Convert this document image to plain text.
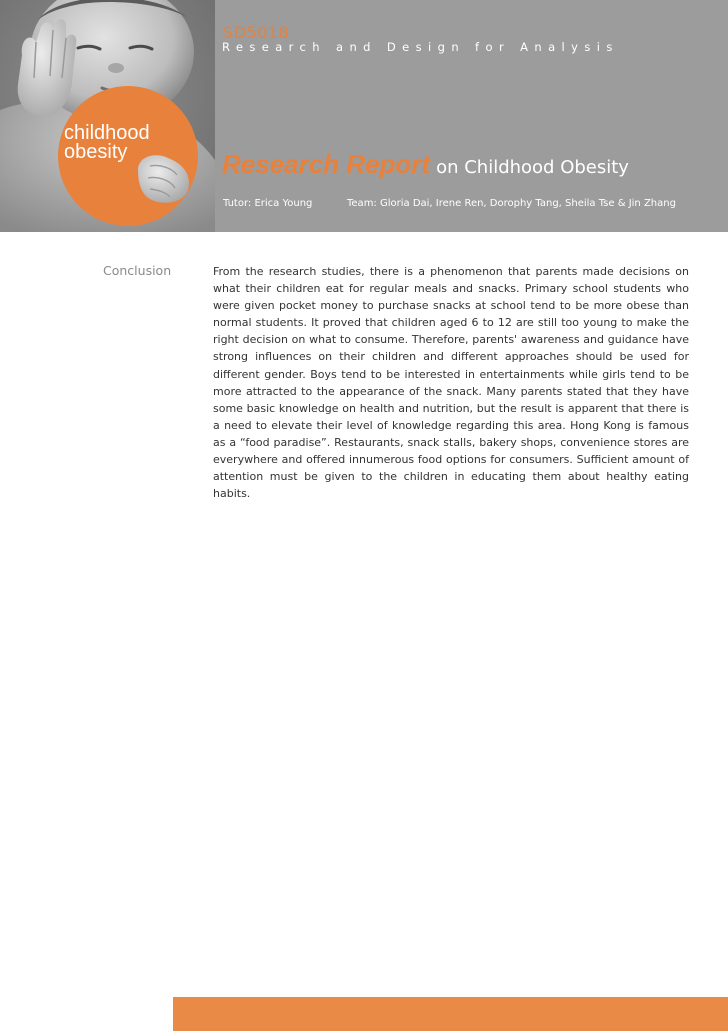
childhood
obesity
SD5018
Research and Design for Analysis
Research Report on Childhood Obesity
Tutor: Erica Young	Team: Gloria Dai, Irene Ren, Dorophy Tang, Sheila Tse & Jin Zhang
Conclusion	From the research studies, there is a phenomenon that parents made decisions on what their children eat for regular meals and snacks. Primary school students who were given pocket money to purchase snacks at school tend to be more obese than normal students. It proved that children aged 6 to 12 are still too young to make the right decision on what to consume. Therefore, parents' awareness and guidance have strong influences on their children and different approaches should be used for different gender. Boys tend to be interested in entertainments while girls tend to be more attracted to the appearance of the snack. Many parents stated that they have some basic knowledge on health and nutrition, but the result is apparent that there is a need to elevate their level of knowledge regarding this area. Hong Kong is famous as a “food paradise”. Restaurants, snack stalls, bakery shops, convenience stores are everywhere and offered innumerous food options for consumers. Sufficient amount of attention must be given to the children in educating them about healthy eating habits.
